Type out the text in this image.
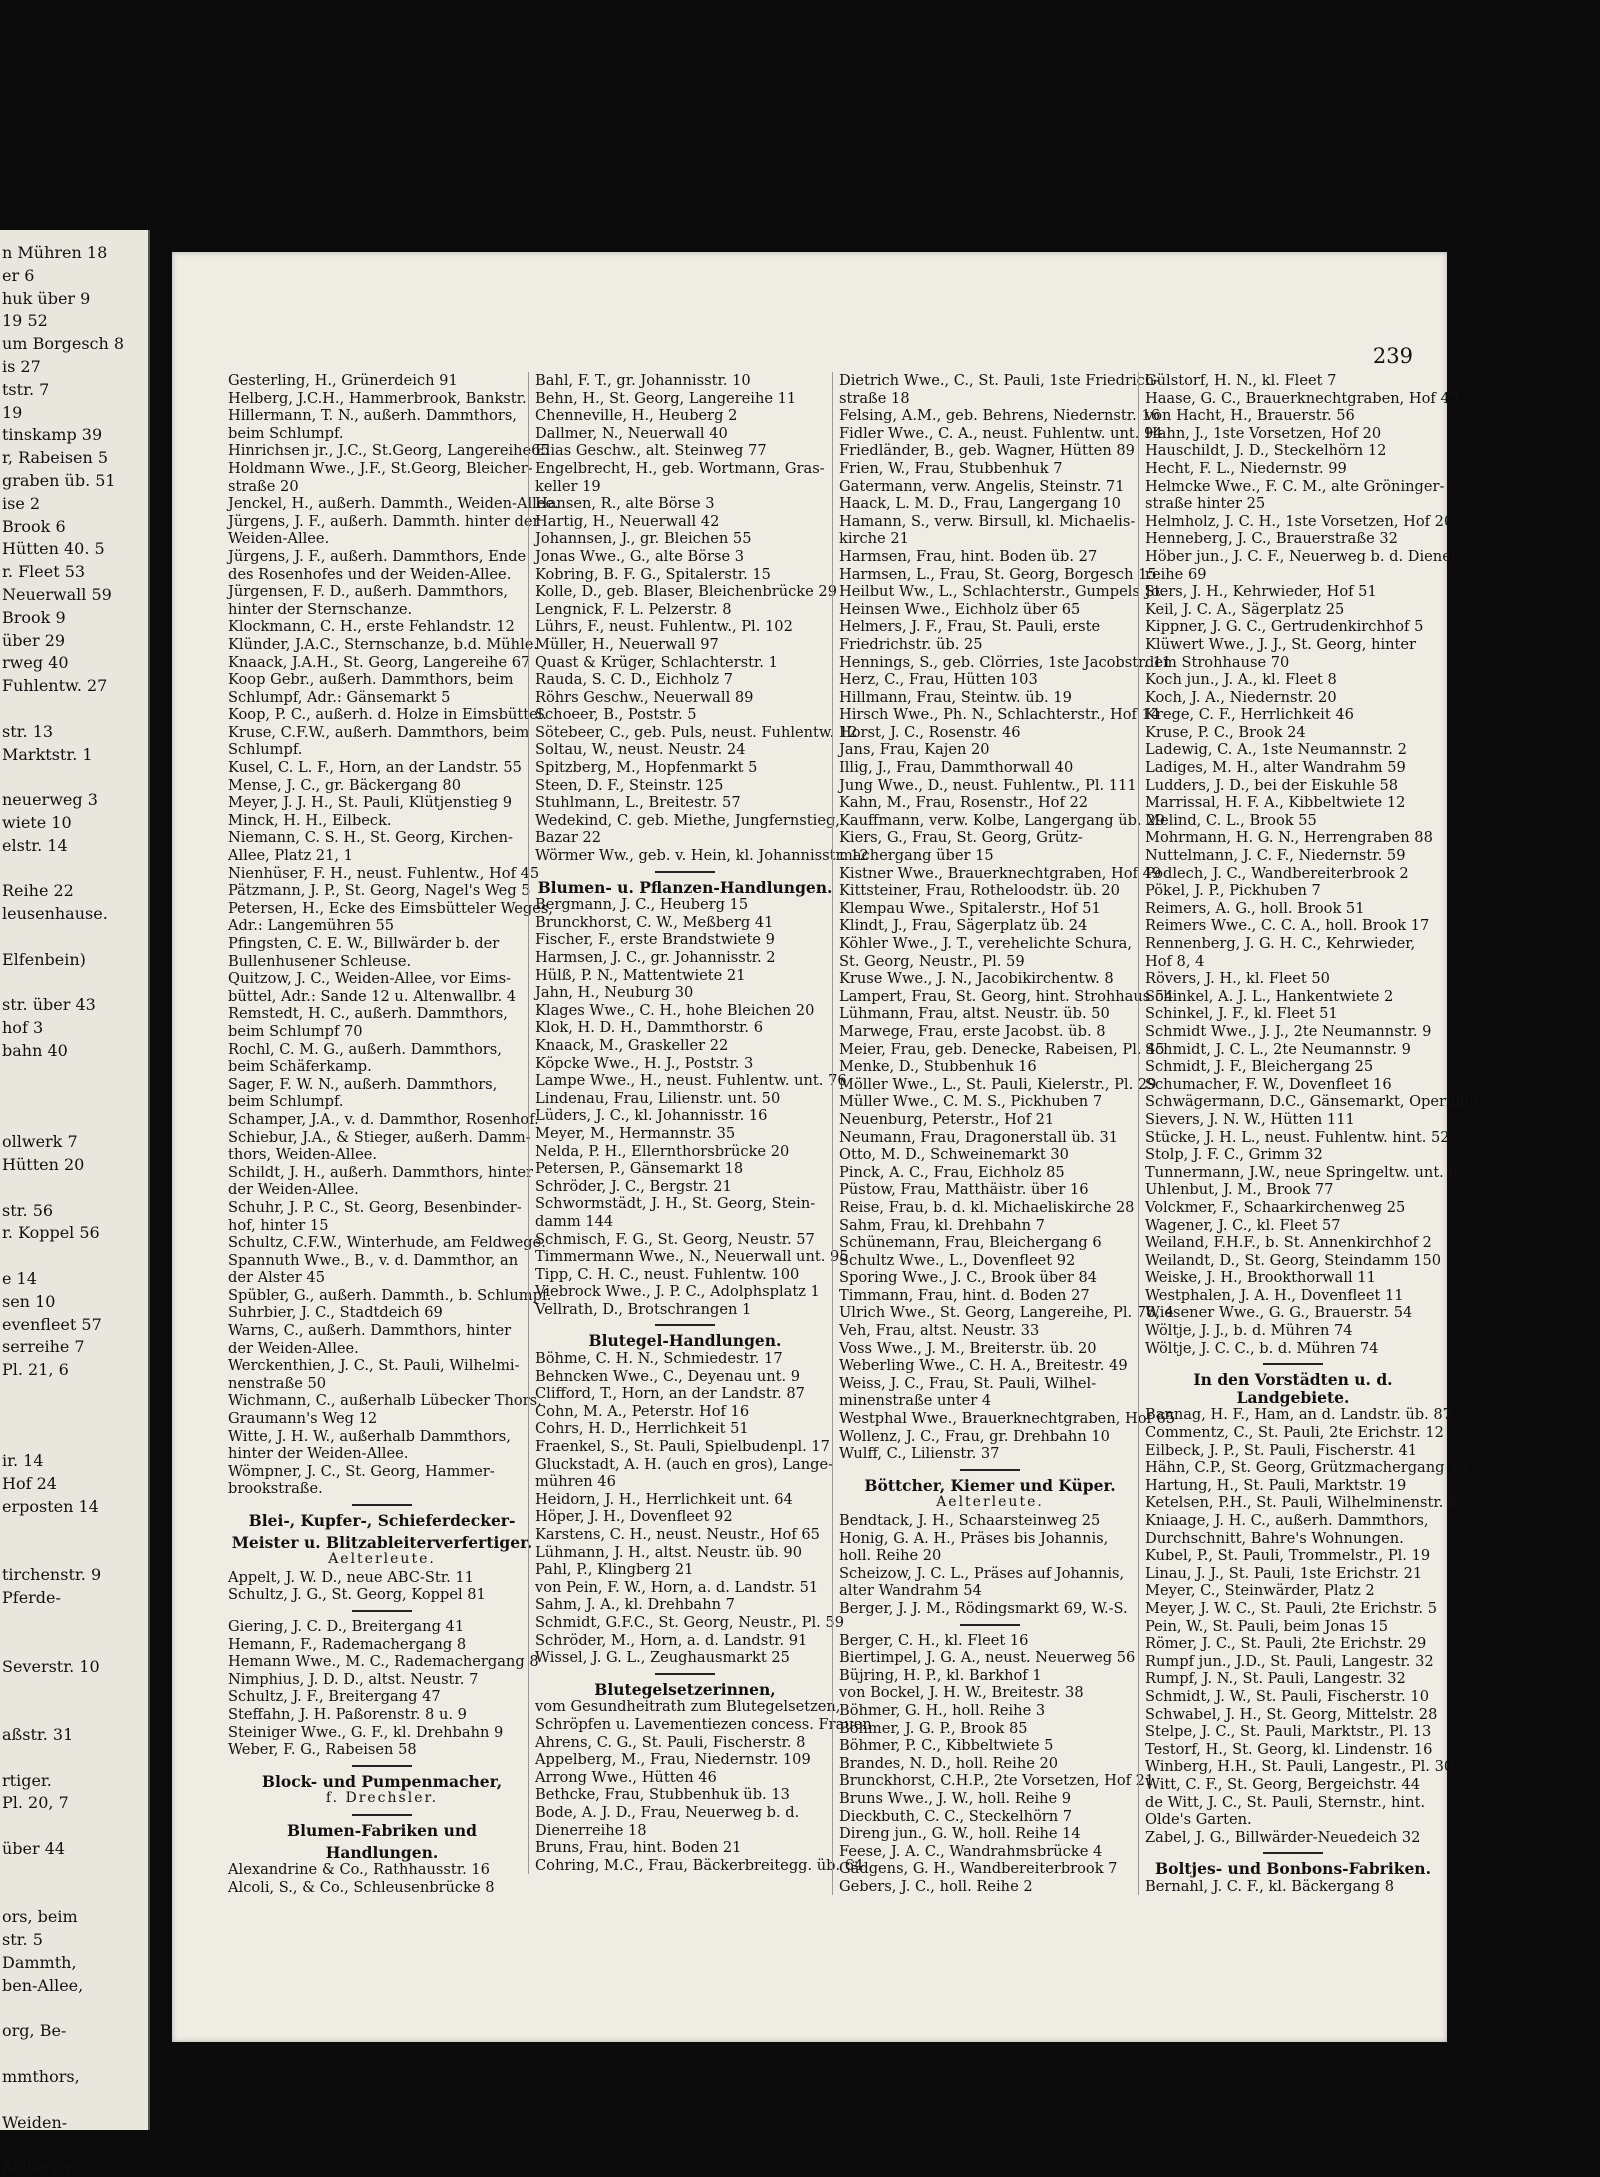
n Mühren 18
er 6
huk über 9
19 52
um Borgesch 8
is 27
tstr. 7
19
tinskamp 39
r, Rabeisen 5
graben üb. 51
ise 2
Brook 6
Hütten 40. 5
r. Fleet 53
Neuerwall 59
Brook 9
über 29
rweg 40
Fuhlentw. 27
str. 13
Marktstr. 1
neuerweg 3
wiete 10
elstr. 14
Reihe 22
leusenhause.
Elfenbein)
str. über 43
hof 3
bahn 40
ollwerk 7
Hütten 20
str. 56
r. Koppel 56
e 14
sen 10
evenfleet 57
serreihe 7
Pl. 21, 6
ir. 14
Hof 24
erposten 14
tirchenstr. 9
Pferde-
Severstr. 10
aßstr. 31
rtiger.
Pl. 20, 7
über 44
ors, beim
str. 5
Dammth,
ben-Allee,
org, Be-
mmthors,
Weiden-
Alsterstr.
239
Gesterling, H., Grünerdeich 91
Helberg, J.C.H., Hammerbrook, Bankstr.
Hillermann, T. N., außerh. Dammthors,
beim Schlumpf.
Hinrichsen jr., J.C., St.Georg, Langereihe65
Holdmann Wwe., J.F., St.Georg, Bleicher-
straße 20
Jenckel, H., außerh. Dammth., Weiden-Allee.
Jürgens, J. F., außerh. Dammth. hinter der
Weiden-Allee.
Jürgens, J. F., außerh. Dammthors, Ende
des Rosenhofes und der Weiden-Allee.
Jürgensen, F. D., außerh. Dammthors,
hinter der Sternschanze.
Klockmann, C. H., erste Fehlandstr. 12
Klünder, J.A.C., Sternschanze, b.d. Mühle.
Knaack, J.A.H., St. Georg, Langereihe 67
Koop Gebr., außerh. Dammthors, beim
Schlumpf, Adr.: Gänsemarkt 5
Koop, P. C., außerh. d. Holze in Eimsbüttel.
Kruse, C.F.W., außerh. Dammthors, beim
Schlumpf.
Kusel, C. L. F., Horn, an der Landstr. 55
Mense, J. C., gr. Bäckergang 80
Meyer, J. J. H., St. Pauli, Klütjenstieg 9
Minck, H. H., Eilbeck.
Niemann, C. S. H., St. Georg, Kirchen-
Allee, Platz 21, 1
Nienhüser, F. H., neust. Fuhlentw., Hof 45
Pätzmann, J. P., St. Georg, Nagel's Weg 5
Petersen, H., Ecke des Eimsbütteler Weges,
Adr.: Langemühren 55
Pfingsten, C. E. W., Billwärder b. der
Bullenhusener Schleuse.
Quitzow, J. C., Weiden-Allee, vor Eims-
büttel, Adr.: Sande 12 u. Altenwallbr. 4
Remstedt, H. C., außerh. Dammthors,
beim Schlumpf 70
Rochl, C. M. G., außerh. Dammthors,
beim Schäferkamp.
Sager, F. W. N., außerh. Dammthors,
beim Schlumpf.
Schamper, J.A., v. d. Dammthor, Rosenhof.
Schiebur, J.A., & Stieger, außerh. Damm-
thors, Weiden-Allee.
Schildt, J. H., außerh. Dammthors, hinter
der Weiden-Allee.
Schuhr, J. P. C., St. Georg, Besenbinder-
hof, hinter 15
Schultz, C.F.W., Winterhude, am Feldwege.
Spannuth Wwe., B., v. d. Dammthor, an
der Alster 45
Spübler, G., außerh. Dammth., b. Schlumpf.
Suhrbier, J. C., Stadtdeich 69
Warns, C., außerh. Dammthors, hinter
der Weiden-Allee.
Werckenthien, J. C., St. Pauli, Wilhelmi-
nenstraße 50
Wichmann, C., außerhalb Lübecker Thors,
Graumann's Weg 12
Witte, J. H. W., außerhalb Dammthors,
hinter der Weiden-Allee.
Wömpner, J. C., St. Georg, Hammer-
brookstraße.
Blei-, Kupfer-, Schieferdecker-
Meister u. Blitzableiterverfertiger.
Aelterleute.
Appelt, J. W. D., neue ABC-Str. 11
Schultz, J. G., St. Georg, Koppel 81
Giering, J. C. D., Breitergang 41
Hemann, F., Rademachergang 8
Hemann Wwe., M. C., Rademachergang 8
Nimphius, J. D. D., altst. Neustr. 7
Schultz, J. F., Breitergang 47
Steffahn, J. H. Paßorenstr. 8 u. 9
Steiniger Wwe., G. F., kl. Drehbahn 9
Weber, F. G., Rabeisen 58
Block- und Pumpenmacher,
f. Drechsler.
Blumen-Fabriken und
Handlungen.
Alexandrine & Co., Rathhausstr. 16
Alcoli, S., & Co., Schleusenbrücke 8
Bahl, F. T., gr. Johannisstr. 10
Behn, H., St. Georg, Langereihe 11
Chenneville, H., Heuberg 2
Dallmer, N., Neuerwall 40
Elias Geschw., alt. Steinweg 77
Engelbrecht, H., geb. Wortmann, Gras-
keller 19
Hansen, R., alte Börse 3
Hartig, H., Neuerwall 42
Johannsen, J., gr. Bleichen 55
Jonas Wwe., G., alte Börse 3
Kobring, B. F. G., Spitalerstr. 15
Kolle, D., geb. Blaser, Bleichenbrücke 29
Lengnick, F. L. Pelzerstr. 8
Lührs, F., neust. Fuhlentw., Pl. 102
Müller, H., Neuerwall 97
Quast & Krüger, Schlachterstr. 1
Rauda, S. C. D., Eichholz 7
Röhrs Geschw., Neuerwall 89
Schoeer, B., Poststr. 5
Sötebeer, C., geb. Puls, neust. Fuhlentw. 12
Soltau, W., neust. Neustr. 24
Spitzberg, M., Hopfenmarkt 5
Steen, D. F., Steinstr. 125
Stuhlmann, L., Breitestr. 57
Wedekind, C. geb. Miethe, Jungfernstieg,
Bazar 22
Wörmer Ww., geb. v. Hein, kl. Johannisstr. 12
Blumen- u. Pflanzen-Handlungen.
Bergmann, J. C., Heuberg 15
Brunckhorst, C. W., Meßberg 41
Fischer, F., erste Brandstwiete 9
Harmsen, J. C., gr. Johannisstr. 2
Hülß, P. N., Mattentwiete 21
Jahn, H., Neuburg 30
Klages Wwe., C. H., hohe Bleichen 20
Klok, H. D. H., Dammthorstr. 6
Knaack, M., Graskeller 22
Köpcke Wwe., H. J., Poststr. 3
Lampe Wwe., H., neust. Fuhlentw. unt. 76
Lindenau, Frau, Lilienstr. unt. 50
Lüders, J. C., kl. Johannisstr. 16
Meyer, M., Hermannstr. 35
Nelda, P. H., Ellernthorsbrücke 20
Petersen, P., Gänsemarkt 18
Schröder, J. C., Bergstr. 21
Schwormstädt, J. H., St. Georg, Stein-
damm 144
Schmisch, F. G., St. Georg, Neustr. 57
Timmermann Wwe., N., Neuerwall unt. 95
Tipp, C. H. C., neust. Fuhlentw. 100
Viebrock Wwe., J. P. C., Adolphsplatz 1
Vellrath, D., Brotschrangen 1
Blutegel-Handlungen.
Böhme, C. H. N., Schmiedestr. 17
Behncken Wwe., C., Deyenau unt. 9
Clifford, T., Horn, an der Landstr. 87
Cohn, M. A., Peterstr. Hof 16
Cohrs, H. D., Herrlichkeit 51
Fraenkel, S., St. Pauli, Spielbudenpl. 17
Gluckstadt, A. H. (auch en gros), Lange-
mühren 46
Heidorn, J. H., Herrlichkeit unt. 64
Höper, J. H., Dovenfleet 92
Karstens, C. H., neust. Neustr., Hof 65
Lühmann, J. H., altst. Neustr. üb. 90
Pahl, P., Klingberg 21
von Pein, F. W., Horn, a. d. Landstr. 51
Sahm, J. A., kl. Drehbahn 7
Schmidt, G.F.C., St. Georg, Neustr., Pl. 59
Schröder, M., Horn, a. d. Landstr. 91
Wissel, J. G. L., Zeughausmarkt 25
Blutegelsetzerinnen,
vom Gesundheitrath zum Blutegelsetzen,
Schröpfen u. Lavementiezen concess. Frauen
Ahrens, C. G., St. Pauli, Fischerstr. 8
Appelberg, M., Frau, Niedernstr. 109
Arrong Wwe., Hütten 46
Bethcke, Frau, Stubbenhuk üb. 13
Bode, A. J. D., Frau, Neuerweg b. d.
Dienerreihe 18
Bruns, Frau, hint. Boden 21
Cohring, M.C., Frau, Bäckerbreitegg. üb. 64
Dietrich Wwe., C., St. Pauli, 1ste Friedrich-
straße 18
Felsing, A.M., geb. Behrens, Niedernstr. 16
Fidler Wwe., C. A., neust. Fuhlentw. unt. 94
Friedländer, B., geb. Wagner, Hütten 89
Frien, W., Frau, Stubbenhuk 7
Gatermann, verw. Angelis, Steinstr. 71
Haack, L. M. D., Frau, Langergang 10
Hamann, S., verw. Birsull, kl. Michaelis-
kirche 21
Harmsen, Frau, hint. Boden üb. 27
Harmsen, L., Frau, St. Georg, Borgesch 15
Heilbut Ww., L., Schlachterstr., Gumpels St.
Heinsen Wwe., Eichholz über 65
Helmers, J. F., Frau, St. Pauli, erste
Friedrichstr. üb. 25
Hennings, S., geb. Clörries, 1ste Jacobstr. 11
Herz, C., Frau, Hütten 103
Hillmann, Frau, Steintw. üb. 19
Hirsch Wwe., Ph. N., Schlachterstr., Hof 14
Horst, J. C., Rosenstr. 46
Jans, Frau, Kajen 20
Illig, J., Frau, Dammthorwall 40
Jung Wwe., D., neust. Fuhlentw., Pl. 111
Kahn, M., Frau, Rosenstr., Hof 22
Kauffmann, verw. Kolbe, Langergang üb. 29
Kiers, G., Frau, St. Georg, Grütz-
machergang über 15
Kistner Wwe., Brauerknechtgraben, Hof 49
Kittsteiner, Frau, Rotheloodstr. üb. 20
Klempau Wwe., Spitalerstr., Hof 51
Klindt, J., Frau, Sägerplatz üb. 24
Köhler Wwe., J. T., verehelichte Schura,
St. Georg, Neustr., Pl. 59
Kruse Wwe., J. N., Jacobikirchentw. 8
Lampert, Frau, St. Georg, hint. Strohhaus 54
Lühmann, Frau, altst. Neustr. üb. 50
Marwege, Frau, erste Jacobst. üb. 8
Meier, Frau, geb. Denecke, Rabeisen, Pl. 45
Menke, D., Stubbenhuk 16
Möller Wwe., L., St. Pauli, Kielerstr., Pl. 29
Müller Wwe., C. M. S., Pickhuben 7
Neuenburg, Peterstr., Hof 21
Neumann, Frau, Dragonerstall üb. 31
Otto, M. D., Schweinemarkt 30
Pinck, A. C., Frau, Eichholz 85
Püstow, Frau, Matthäistr. über 16
Reise, Frau, b. d. kl. Michaeliskirche 28
Sahm, Frau, kl. Drehbahn 7
Schünemann, Frau, Bleichergang 6
Schultz Wwe., L., Dovenfleet 92
Sporing Wwe., J. C., Brook über 84
Timmann, Frau, hint. d. Boden 27
Ulrich Wwe., St. Georg, Langereihe, Pl. 78, 4
Veh, Frau, altst. Neustr. 33
Voss Wwe., J. M., Breiterstr. üb. 20
Weberling Wwe., C. H. A., Breitestr. 49
Weiss, J. C., Frau, St. Pauli, Wilhel-
minenstraße unter 4
Westphal Wwe., Brauerknechtgraben, Hof 65
Wollenz, J. C., Frau, gr. Drehbahn 10
Wulff, C., Lilienstr. 37
Böttcher, Kiemer und Küper.
Aelterleute.
Bendtack, J. H., Schaarsteinweg 25
Honig, G. A. H., Präses bis Johannis,
holl. Reihe 20
Scheizow, J. C. L., Präses auf Johannis,
alter Wandrahm 54
Berger, J. J. M., Rödingsmarkt 69, W.-S.
Berger, C. H., kl. Fleet 16
Biertimpel, J. G. A., neust. Neuerweg 56
Büjring, H. P., kl. Barkhof 1
von Bockel, J. H. W., Breitestr. 38
Böhmer, G. H., holl. Reihe 3
Böhmer, J. G. P., Brook 85
Böhmer, P. C., Kibbeltwiete 5
Brandes, N. D., holl. Reihe 20
Brunckhorst, C.H.P., 2te Vorsetzen, Hof 21
Bruns Wwe., J. W., holl. Reihe 9
Dieckbuth, C. C., Steckelhörn 7
Direng jun., G. W., holl. Reihe 14
Feese, J. A. C., Wandrahmsbrücke 4
Gädgens, G. H., Wandbereiterbrook 7
Gebers, J. C., holl. Reihe 2
Gülstorf, H. N., kl. Fleet 7
Haase, G. C., Brauerknechtgraben, Hof 45
von Hacht, H., Brauerstr. 56
Hahn, J., 1ste Vorsetzen, Hof 20
Hauschildt, J. D., Steckelhörn 12
Hecht, F. L., Niedernstr. 99
Helmcke Wwe., F. C. M., alte Gröninger-
straße hinter 25
Helmholz, J. C. H., 1ste Vorsetzen, Hof 20
Henneberg, J. C., Brauerstraße 32
Höber jun., J. C. F., Neuerweg b. d. Diener-
reihe 69
Joers, J. H., Kehrwieder, Hof 51
Keil, J. C. A., Sägerplatz 25
Kippner, J. G. C., Gertrudenkirchhof 5
Klüwert Wwe., J. J., St. Georg, hinter
dem Strohhause 70
Koch jun., J. A., kl. Fleet 8
Koch, J. A., Niedernstr. 20
Krege, C. F., Herrlichkeit 46
Kruse, P. C., Brook 24
Ladewig, C. A., 1ste Neumannstr. 2
Ladiges, M. H., alter Wandrahm 59
Ludders, J. D., bei der Eiskuhle 58
Marrissal, H. F. A., Kibbeltwiete 12
Melind, C. L., Brook 55
Mohrmann, H. G. N., Herrengraben 88
Nuttelmann, J. C. F., Niedernstr. 59
Podlech, J. C., Wandbereiterbrook 2
Pökel, J. P., Pickhuben 7
Reimers, A. G., holl. Brook 51
Reimers Wwe., C. C. A., holl. Brook 17
Rennenberg, J. G. H. C., Kehrwieder,
Hof 8, 4
Rövers, J. H., kl. Fleet 50
Schinkel, A. J. L., Hankentwiete 2
Schinkel, J. F., kl. Fleet 51
Schmidt Wwe., J. J., 2te Neumannstr. 9
Schmidt, J. C. L., 2te Neumannstr. 9
Schmidt, J. F., Bleichergang 25
Schumacher, F. W., Dovenfleet 16
Schwägermann, D.C., Gänsemarkt, Opernhof
Sievers, J. N. W., Hütten 111
Stücke, J. H. L., neust. Fuhlentw. hint. 52
Stolp, J. F. C., Grimm 32
Tunnermann, J.W., neue Springeltw. unt. 8
Uhlenbut, J. M., Brook 77
Volckmer, F., Schaarkirchenweg 25
Wagener, J. C., kl. Fleet 57
Weiland, F.H.F., b. St. Annenkirchhof 2
Weilandt, D., St. Georg, Steindamm 150
Weiske, J. H., Brookthorwall 11
Westphalen, J. A. H., Dovenfleet 11
Wiesener Wwe., G. G., Brauerstr. 54
Wöltje, J. J., b. d. Mühren 74
Wöltje, J. C. C., b. d. Mühren 74
In den Vorstädten u. d. Landgebiete.
Bannag, H. F., Ham, an d. Landstr. üb. 87
Commentz, C., St. Pauli, 2te Erichstr. 12
Eilbeck, J. P., St. Pauli, Fischerstr. 41
Hähn, C.P., St. Georg, Grützmachergang 45
Hartung, H., St. Pauli, Marktstr. 19
Ketelsen, P.H., St. Pauli, Wilhelminenstr. 8
Kniaage, J. H. C., außerh. Dammthors,
Durchschnitt, Bahre's Wohnungen.
Kubel, P., St. Pauli, Trommelstr., Pl. 19
Linau, J. J., St. Pauli, 1ste Erichstr. 21
Meyer, C., Steinwärder, Platz 2
Meyer, J. W. C., St. Pauli, 2te Erichstr. 5
Pein, W., St. Pauli, beim Jonas 15
Römer, J. C., St. Pauli, 2te Erichstr. 29
Rumpf jun., J.D., St. Pauli, Langestr. 32
Rumpf, J. N., St. Pauli, Langestr. 32
Schmidt, J. W., St. Pauli, Fischerstr. 10
Schwabel, J. H., St. Georg, Mittelstr. 28
Stelpe, J. C., St. Pauli, Marktstr., Pl. 13
Testorf, H., St. Georg, kl. Lindenstr. 16
Winberg, H.H., St. Pauli, Langestr., Pl. 30
Witt, C. F., St. Georg, Bergeichstr. 44
de Witt, J. C., St. Pauli, Sternstr., hint.
Olde's Garten.
Zabel, J. G., Billwärder-Neuedeich 32
Boltjes- und Bonbons-Fabriken.
Bernahl, J. C. F., kl. Bäckergang 8
